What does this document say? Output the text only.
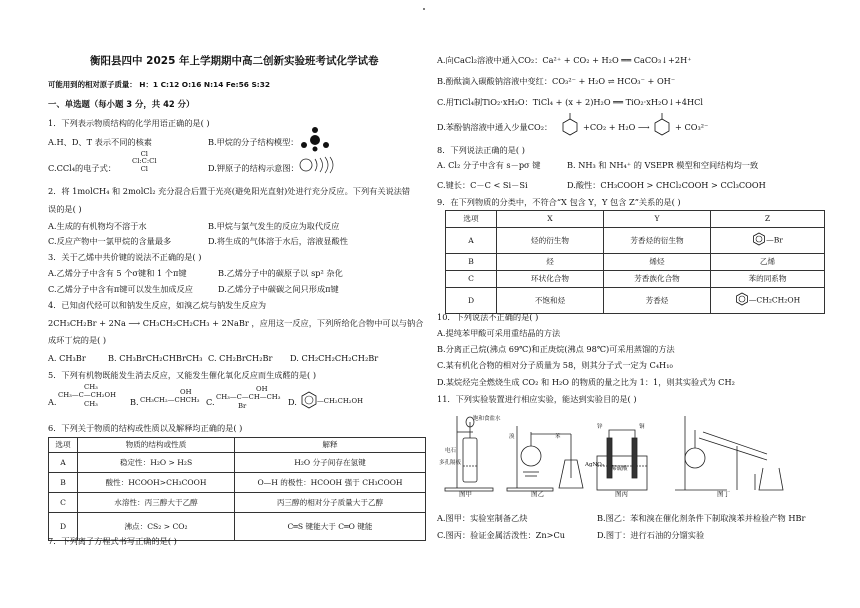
衡阳县四中 2025 年上学期期中高二创新实验班考试化学试卷
可能用到的相对原子质量： H：1 C:12 O:16 N:14 Fe:56 S:32
一、单选题（每小题 3 分，共 42 分）
1．下列表示物质结构的化学用语正确的是( )
A.H、D、T 表示不同的核素	B.甲烷的分子结构模型：
C.CCl₄的电子式：
Cl
Cl:C:Cl
Cl	D.钾原子的结构示意图：
2．将 1molCH₄ 和 2molCl₂ 充分混合后置于光亮(避免阳光直射)处进行充分反应。下列有关说法错
误的是( )
A.生成的有机物均不溶于水	B.甲烷与氯气发生的反应为取代反应
C.反应产物中一氯甲烷的含量最多	D.将生成的气体溶于水后，溶液显酸性
3．关于乙烯中共价键的说法不正确的是( )
A.乙烯分子中含有 5 个σ键和 1 个π键	B.乙烯分子中的碳原子以 sp² 杂化
C.乙烯分子中含有π键可以发生加成反应	D.乙烯分子中碳碳之间只形成π键
4．已知卤代烃可以和钠发生反应，如溴乙烷与钠发生反应为
2CH₃CH₂Br + 2Na ⟶ CH₃CH₂CH₂CH₃ + 2NaBr ，应用这一反应，下列所给化合物中可以与钠合
成环丁烷的是( )
A. CH₃Br	B. CH₃BrCH₂CHBrCH₃ C. CH₂BrCH₂Br D. CH₂CH₂CH₂CH₂Br
5．下列有机物既能发生消去反应，又能发生催化氧化反应而生成醛的是( )
A.
CH₃
CH₃—C—CH₂OH
CH₃	B.
OH
CH₃CH₂—CHCH₃ C.
OH
CH₃—C—CH—CH₃
Br	D.	—CH₂CH₂OH
6．下列关于物质的结构或性质以及解释均正确的是( )
选项	物质的结构或性质	解释
A	稳定性：H₂O > H₂S	H₂O 分子间存在氢键
B	酸性：HCOOH>CH₃COOH	O—H 的极性：HCOOH 强于 CH₃COOH
C	水溶性：丙三醇大于乙醇	丙三醇的相对分子质量大于乙醇
D	沸点：CS₂ > CO₂	C═S 键能大于 C═O 键能
7．下列离子方程式书写正确的是( )
A.向CaCl₂溶液中通入CO₂：Ca²⁺ + CO₂ + H₂O ══ CaCO₃↓+2H⁺
B.酚酞滴入碳酸钠溶液中变红：CO₃²⁻ + H₂O ⇌ HCO₃⁻ + OH⁻
C.用TiCl₄制TiO₂·xH₂O：TiCl₄ + (x + 2)H₂O ══ TiO₂·xH₂O↓+4HCl
D.苯酚钠溶液中通入少量CO₂：	+CO₂ + H₂O ⟶	+ CO₃²⁻
8．下列说法正确的是( )
A. Cl₂ 分子中含有 s－pσ 键	B. NH₃ 和 NH₄⁺ 的 VSEPR 模型和空间结构均一致
C.键长：C－C < Si－Si	D.酸性：CH₃COOH > CHCl₂COOH > CCl₃COOH
9．在下列物质的分类中，不符合“X 包含 Y，Y 包含 Z”关系的是( )
选项	X	Y	Z
A	烃的衍生物	芳香烃的衍生物	—Br
B	烃	烯烃	乙烯
C	环状化合物	芳香族化合物	苯的同系物
D	不饱和烃	芳香烃	—CH₂CH₂OH
10．下列说法不正确的是( )
A.提纯苯甲酸可采用重结晶的方法
B.分离正己烷(沸点 69℃)和正庚烷(沸点 98℃)可采用蒸馏的方法
C.某有机化合物的相对分子质量为 58，则其分子式一定为 C₄H₁₀
D.某烷烃完全燃烧生成 CO₂ 和 H₂O 的物质的量之比为 1：1，则其实验式为 CH₂
11．下列实验装置进行相应实验，能达到实验目的是( )
图甲	图乙	图丙	图丁
饱和食盐水
电石
多孔隔板	AgNO₃
锌	铜
稀硫酸
苯
溴
A.图甲：实验室制备乙炔	B.图乙：苯和溴在催化剂条件下制取溴苯并检验产物 HBr
C.图丙：验证金属活泼性：Zn>Cu	D.图丁：进行石油的分馏实验
